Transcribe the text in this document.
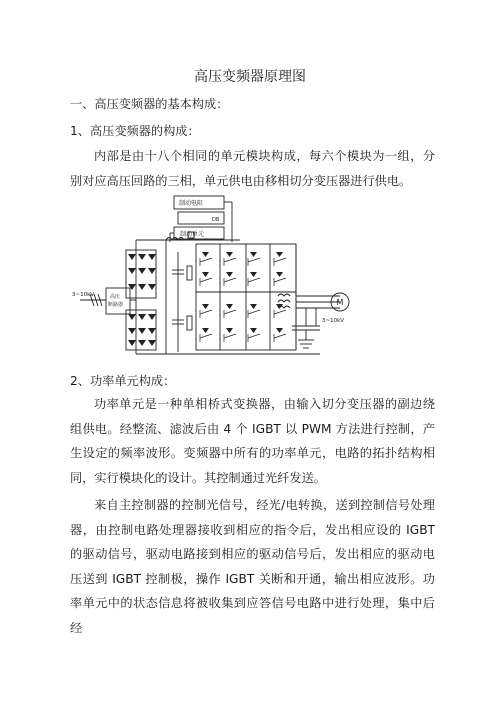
高压变频器原理图
一、高压变频器的基本构成：
1、高压变频器的构成：
内部是由十八个相同的单元模块构成，每六个模块为一组，分别对应高压回路的三相，单元供电由移相切分变压器进行供电。
制动电阻
DB
制动单元
3~10kV	高压
断路器	M
3~10kV
2、功率单元构成：
功率单元是一种单相桥式变换器，由输入切分变压器的副边绕组供电。经整流、滤波后由 4 个 IGBT 以 PWM 方法进行控制，产生设定的频率波形。变频器中所有的功率单元，电路的拓扑结构相同，实行模块化的设计。其控制通过光纤发送。
来自主控制器的控制光信号，经光/电转换，送到控制信号处理器，由控制电路处理器接收到相应的指令后，发出相应设的 IGBT 的驱动信号，驱动电路接到相应的驱动信号后，发出相应的驱动电压送到 IGBT 控制极，操作 IGBT 关断和开通，输出相应波形。功率单元中的状态信息将被收集到应答信号电路中进行处理，集中后经
